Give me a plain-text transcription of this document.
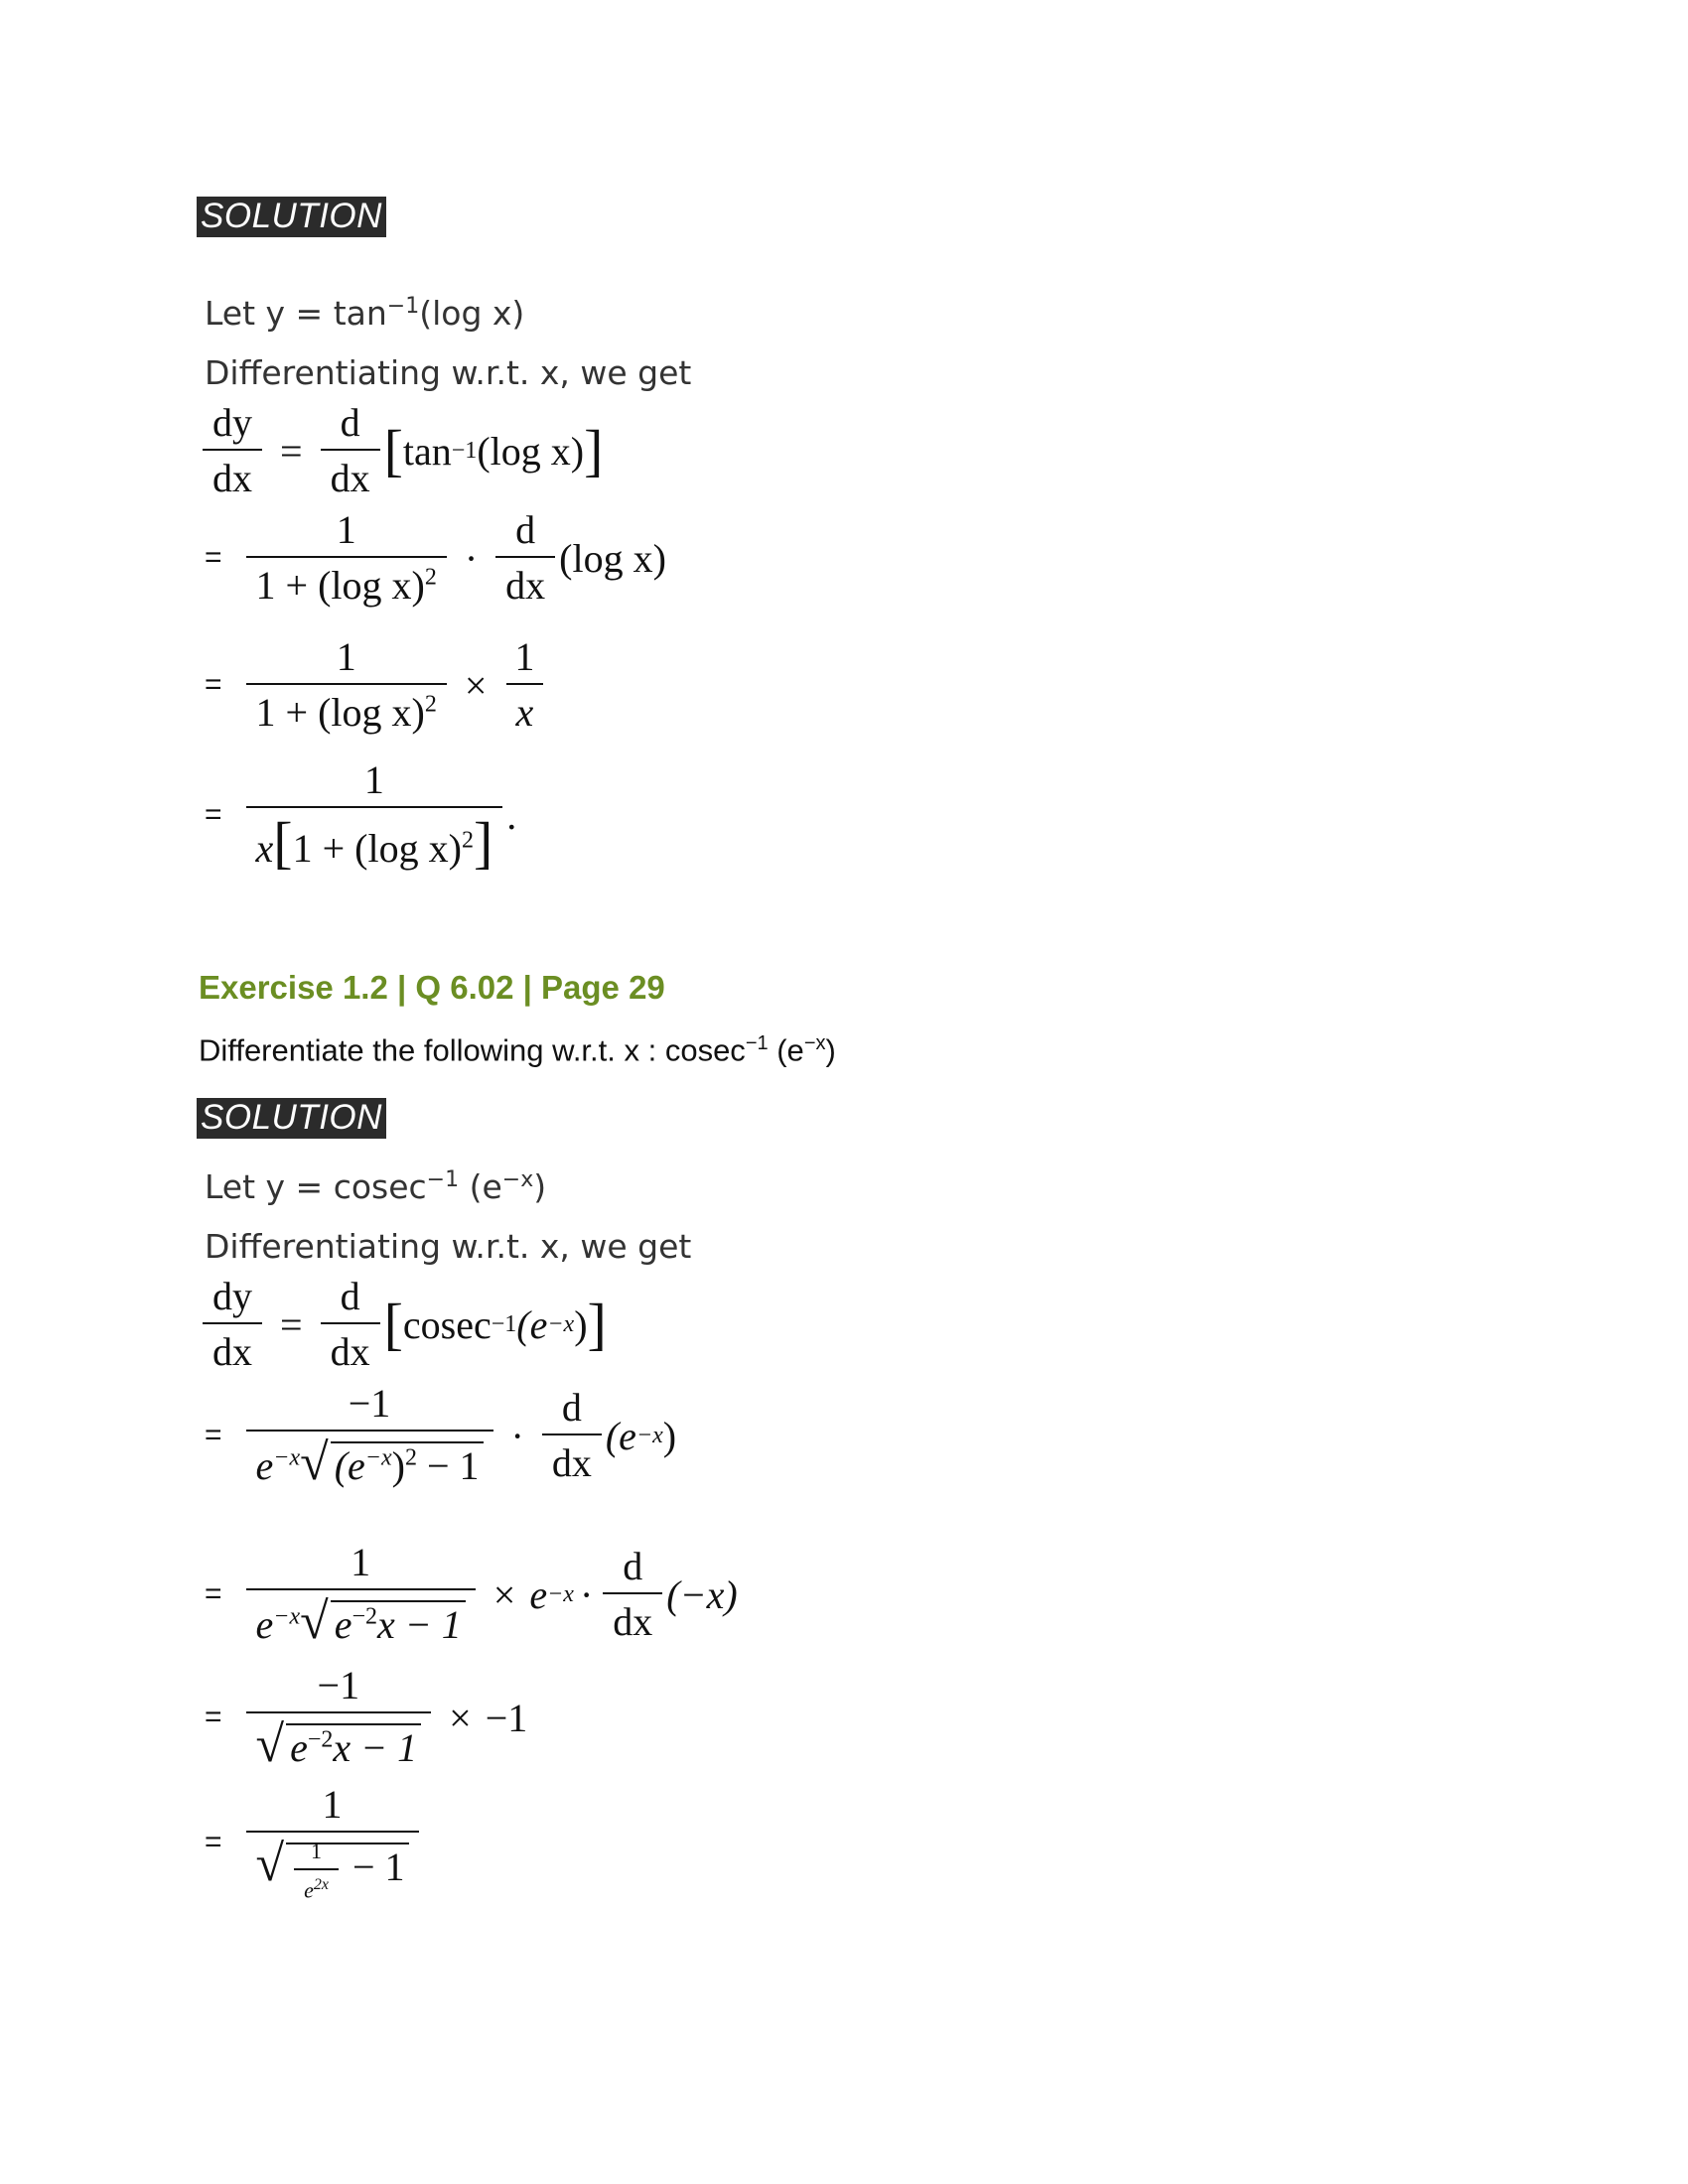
SOLUTION
Let $y = \tan^{-1}(\log$ x)
Differentiating w.r.t. x, we get
$\frac{dy}{dx} = \frac{d}{dx}$ [ tan −1 (log x) ]
= $\frac{1}{1 + (\log x)^2} \cdot \frac{d}{dx} (\log$ x)
= $\frac{1}{1 + (\log x)^2} \times \frac{1}{x}$
= $\frac{1}{x[1 + (\log x)^2]}$ .
Exercise 1.2 | Q 6.02 | Page 29
Differentiate the following w.r.t. x : cosec$^{-1}$ $(e^{-x})$
SOLUTION
Let y = cosec$^{-1}$ $(e^{-x})$
Differentiating w.r.t. x, we get
$\frac{dy}{dx} = \frac{d}{dx}$ [ cosec −1 (e −x ) ]
= $\frac{-1}{e^{-x}√ (e^{-x})^2 - 1} \cdot \frac{d}{dx} (e -x$ )
= $\frac{1}{e^{-x}√ e^{-2}x - 1} \times e -x \cdot \frac{d}{dx} (-x)$
= $\frac{-1}{√ e^{-2}x - 1} \times -1$
= $\frac{1}{√ \frac{1}{e^{2x}} - 1}$
